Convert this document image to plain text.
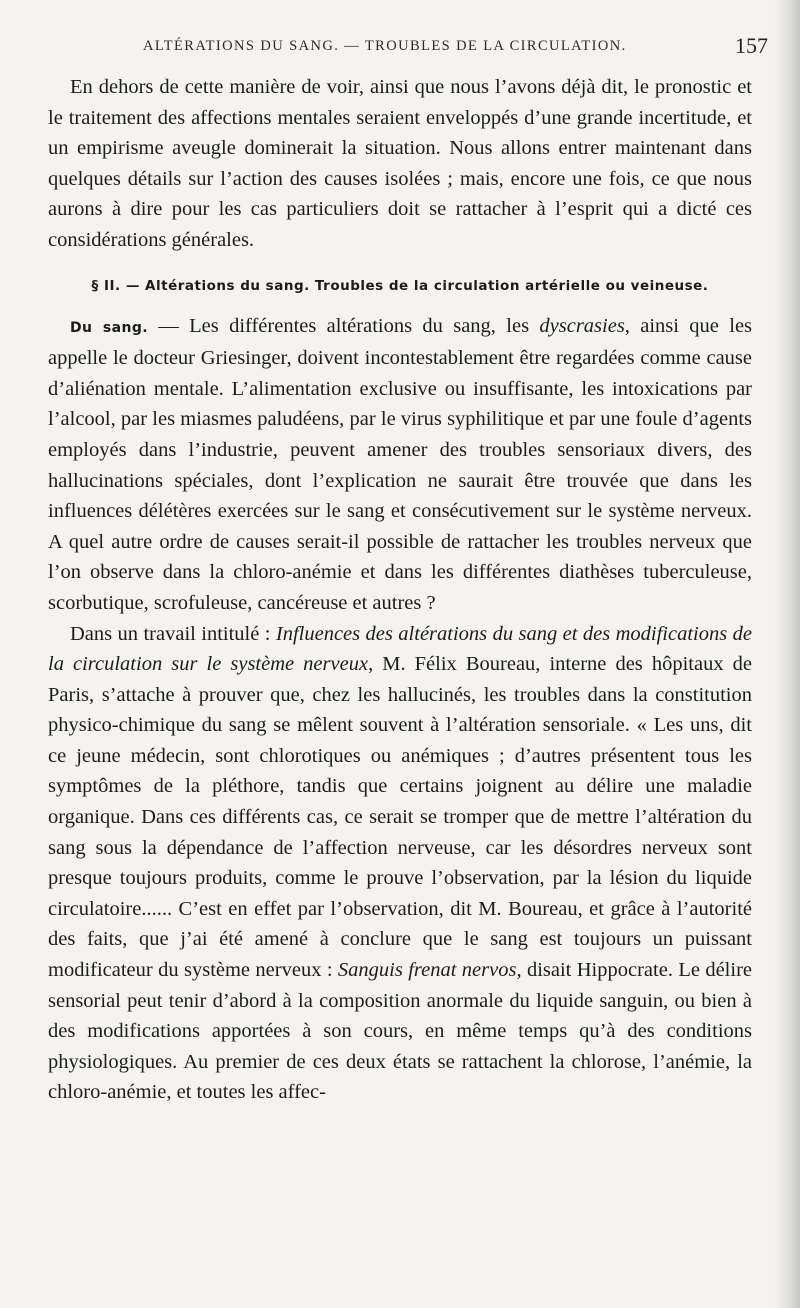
ALTÉRATIONS DU SANG. — TROUBLES DE LA CIRCULATION.	157

En dehors de cette manière de voir, ainsi que nous l’avons déjà dit, le pronostic et le traitement des affections mentales seraient enveloppés d’une grande incertitude, et un empirisme aveugle dominerait la situation. Nous allons entrer maintenant dans quelques détails sur l’action des causes isolées ; mais, encore une fois, ce que nous aurons à dire pour les cas particuliers doit se rattacher à l’esprit qui a dicté ces considérations générales.

§ II. — Altérations du sang. Troubles de la circulation artérielle ou veineuse.

Du sang. — Les différentes altérations du sang, les dyscrasies, ainsi que les appelle le docteur Griesinger, doivent incontestablement être regardées comme cause d’aliénation mentale. L’alimentation exclusive ou insuffisante, les intoxications par l’alcool, par les miasmes paludéens, par le virus syphilitique et par une foule d’agents employés dans l’industrie, peuvent amener des troubles sensoriaux divers, des hallucinations spéciales, dont l’explication ne saurait être trouvée que dans les influences délétères exercées sur le sang et consécutivement sur le système nerveux. A quel autre ordre de causes serait-il possible de rattacher les troubles nerveux que l’on observe dans la chloro-anémie et dans les différentes diathèses tuberculeuse, scorbutique, scrofuleuse, cancéreuse et autres ?

Dans un travail intitulé : Influences des altérations du sang et des modifications de la circulation sur le système nerveux, M. Félix Boureau, interne des hôpitaux de Paris, s’attache à prouver que, chez les hallucinés, les troubles dans la constitution physico-chimique du sang se mêlent souvent à l’altération sensoriale. « Les uns, dit ce jeune médecin, sont chlorotiques ou anémiques ; d’autres présentent tous les symptômes de la pléthore, tandis que certains joignent au délire une maladie organique. Dans ces différents cas, ce serait se tromper que de mettre l’altération du sang sous la dépendance de l’affection nerveuse, car les désordres nerveux sont presque toujours produits, comme le prouve l’observation, par la lésion du liquide circulatoire...... C’est en effet par l’observation, dit M. Boureau, et grâce à l’autorité des faits, que j’ai été amené à conclure que le sang est toujours un puissant modificateur du système nerveux : Sanguis frenat nervos, disait Hippocrate. Le délire sensorial peut tenir d’abord à la composition anormale du liquide sanguin, ou bien à des modifications apportées à son cours, en même temps qu’à des conditions physiologiques. Au premier de ces deux états se rattachent la chlorose, l’anémie, la chloro-anémie, et toutes les affec-
